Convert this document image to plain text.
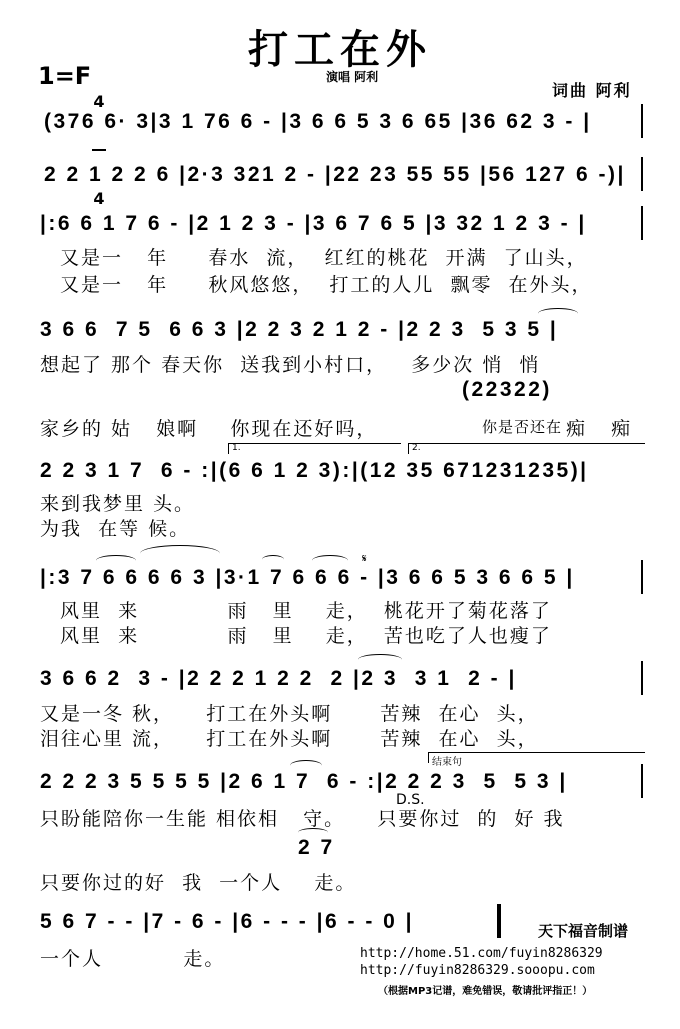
打工在外
1=F

4

4

演唱 阿利
词曲 阿利
(376 6· 3|3 1 76 6 - |3 6 6 5 3 6 65 |36 62 3 - |
2 2 1 2 2 6 |2·3 321 2 - |22 23 55 55 |56 127 6 -)|
|:6 6 1 7 6 - |2 1 2 3 - |3 6 7 6 5 |3 32 1 2 3 - |
又是一   年     春水  流，  红红的桃花  开满  了山头，
又是一   年     秋风悠悠，  打工的人儿  飘零  在外头，
3 6 6  7 5  6 6 3 |2 2 3 2 1 2 - |2 2 3  5 3 5 |
想起了 那个 春天你  送我到小村口，   多少次 悄  悄
(22322)
家乡的 姑   娘啊    你现在还好吗，	你是否还在 痴   痴
1.	2.
2 2 3 1 7  6 - :|(6 6 1 2 3):|(12 35 671231235)|
来到我梦里 头。
为我  在等 候。
𝄋
|:3 7 6 6 6 6 3 |3·1 7 6 6 6 - |3 6 6 5 3 6 6 5 |
风里  来           雨   里    走，  桃花开了菊花落了
风里  来           雨   里    走，  苦也吃了人也瘦了
3 6 6 2  3 - |2 2 2 1 2 2  2 |2 3  3 1  2 - |
又是一冬 秋，    打工在外头啊      苦辣  在心  头，
泪往心里 流，    打工在外头啊      苦辣  在心  头，
结束句
2 2 2 3 5 5 5 5 |2 6 1 7  6 - :|2 2 2 3  5  5 3 |
D.S.
只盼能陪你一生能 相依相   守。    只要你过  的  好 我
2 7
只要你过的好  我  一个人    走。
5 6 7 - - |7 - 6 - |6 - - - |6 - - 0 |
一个人          走。
天下福音制谱
http://home.51.com/fuyin8286329
http://fuyin8286329.sooopu.com
（根据MP3记谱，难免错误，敬请批评指正！）
